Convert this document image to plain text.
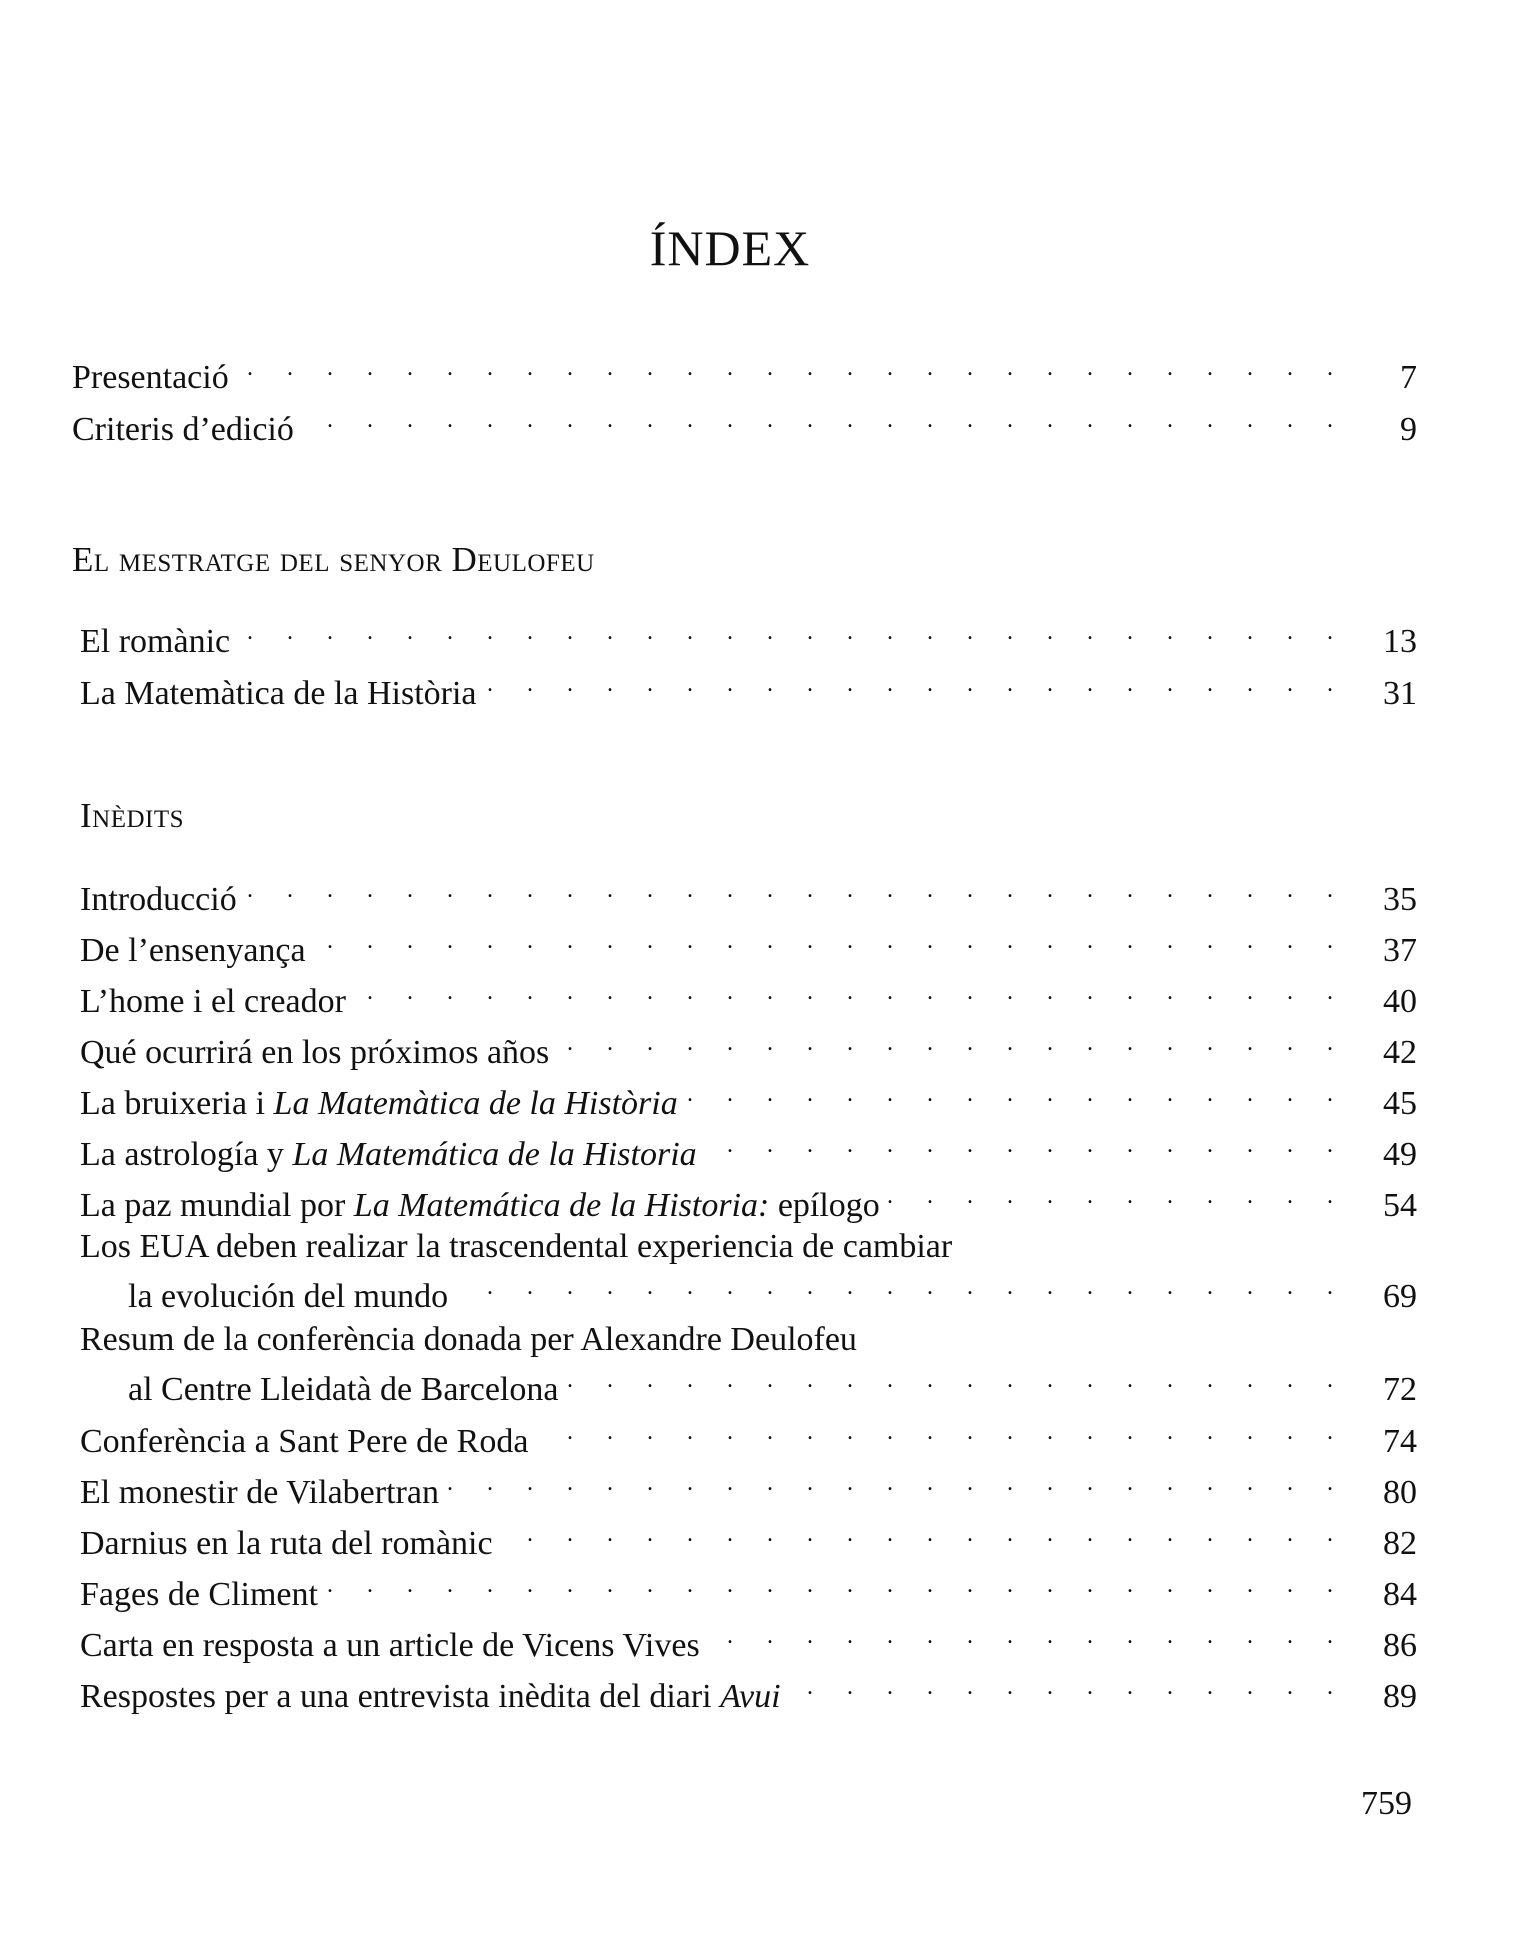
ÍNDEX
Presentació . . .	7
Criteris d’edició . . .	9
El mestratge del senyor Deulofeu
El romànic . . .	13
La Matemàtica de la Història . . .	31
Inèdits
Introducció . . .	35
De l’ensenyança . . .	37
L’home i el creador . . .	40
Qué ocurrirá en los próximos años . . .	42
La bruixeria i La Matemàtica de la Història . . .	45
La astrología y La Matemática de la Historia . . .	49
La paz mundial por La Matemática de la Historia: epílogo . . .	54
Los EUA deben realizar la trascendental experiencia de cambiar
la evolución del mundo . . .	69
Resum de la conferència donada per Alexandre Deulofeu
al Centre Lleidatà de Barcelona . . .	72
Conferència a Sant Pere de Roda . . .	74
El monestir de Vilabertran . . .	80
Darnius en la ruta del romànic . . .	82
Fages de Climent . . .	84
Carta en resposta a un article de Vicens Vives . . .	86
Respostes per a una entrevista inèdita del diari Avui . . .	89
759
